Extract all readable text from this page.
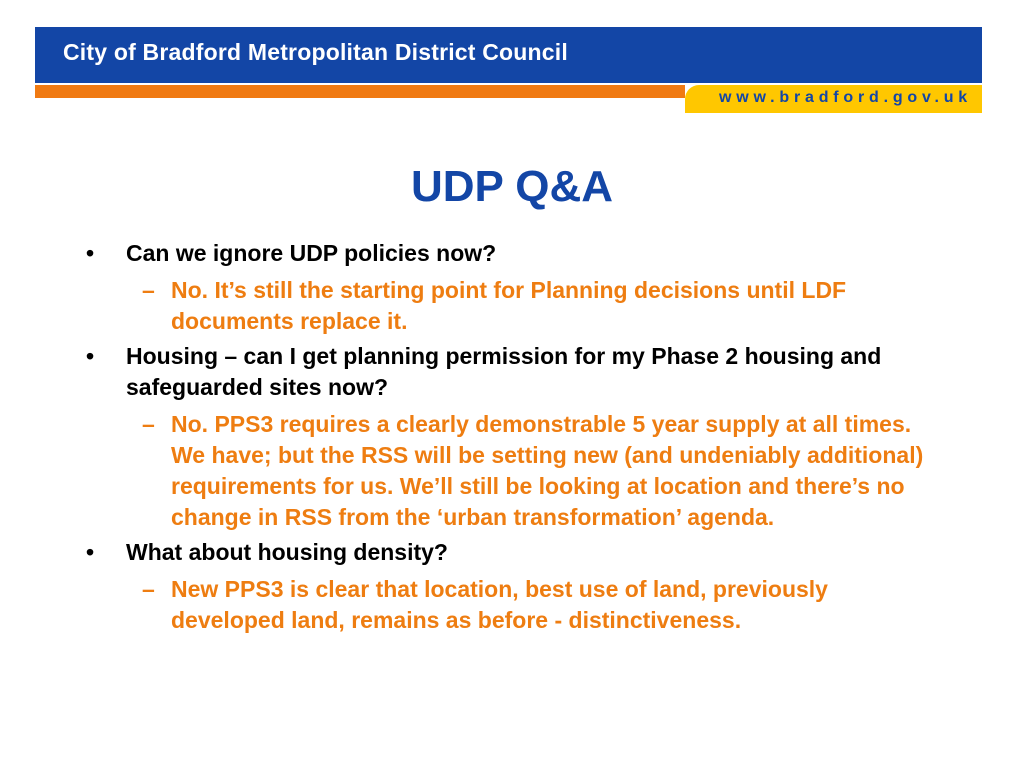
City of Bradford Metropolitan District Council
www.bradford.gov.uk
UDP Q&A
• Can we ignore UDP policies now?
– No. It’s still the starting point for Planning decisions until LDF documents replace it.
• Housing – can I get planning permission for my Phase 2 housing and safeguarded sites now?
– No. PPS3 requires a clearly demonstrable 5 year supply at all times. We have; but the RSS will be setting new (and undeniably additional) requirements for us. We’ll still be looking at location and there’s no change in RSS from the ‘urban transformation’ agenda.
• What about housing density?
– New PPS3 is clear that location, best use of land, previously developed land, remains as before - distinctiveness.
